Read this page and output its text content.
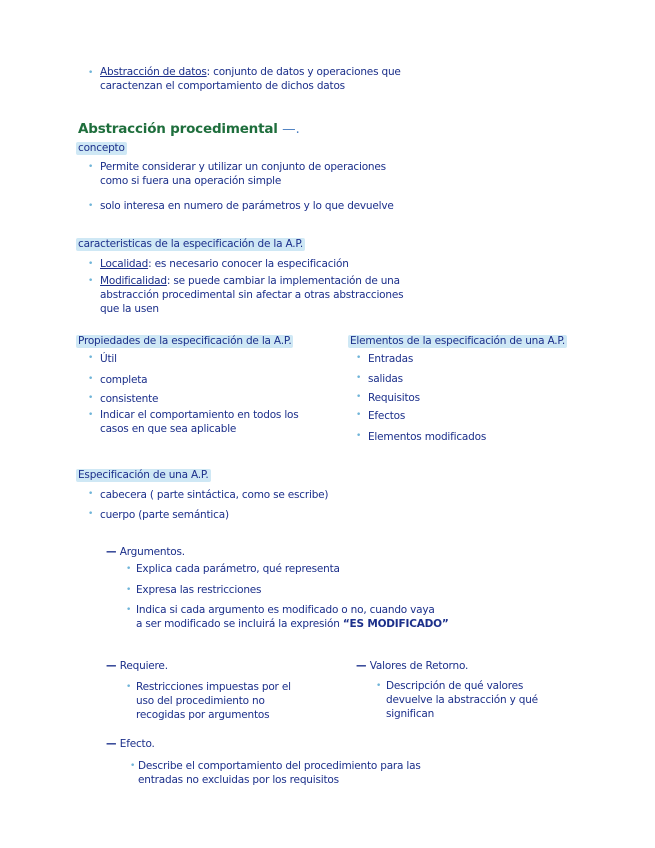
• Abstracción de datos: conjunto de datos y operaciones que
caractenzan el comportamiento de dichos datos
Abstracción procedimental —.
concepto
• Permite considerar y utilizar un conjunto de operaciones
como si fuera una operación simple
• solo interesa en numero de parámetros y lo que devuelve
caracteristicas de la especificación de la A.P.
• Localidad: es necesario conocer la especificación
• Modificalidad: se puede cambiar la implementación de una
abstracción procedimental sin afectar a otras abstracciones
que la usen
Propiedades de la especificación de la A.P.
• Útil
• completa
• consistente
• Indicar el comportamiento en todos los
casos en que sea aplicable
Elementos de la especificación de una A.P.
• Entradas
• salidas
• Requisitos
• Efectos
• Elementos modificados
Especificación de una A.P.
• cabecera ( parte sintáctica, como se escribe)
• cuerpo (parte semántica)
— Argumentos.
• Explica cada parámetro, qué representa
• Expresa las restricciones
• Indica si cada argumento es modificado o no, cuando vaya
a ser modificado se incluirá la expresión “ES MODIFICADO”
— Requiere.
• Restricciones impuestas por el
uso del procedimiento no
recogidas por argumentos
— Valores de Retorno.
• Descripción de qué valores
devuelve la abstracción y qué
significan
— Efecto.
• Describe el comportamiento del procedimiento para las
entradas no excluidas por los requisitos
